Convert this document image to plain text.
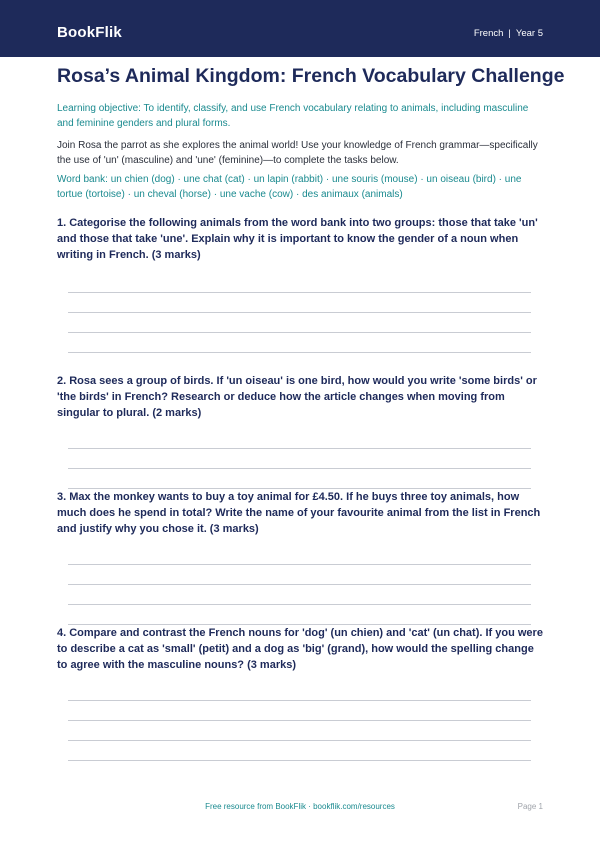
BookFlik	French | Year 5
Rosa’s Animal Kingdom: French Vocabulary Challenge
Learning objective: To identify, classify, and use French vocabulary relating to animals, including masculine and feminine genders and plural forms.
Join Rosa the parrot as she explores the animal world! Use your knowledge of French grammar—specifically the use of 'un' (masculine) and 'une' (feminine)—to complete the tasks below.
Word bank: un chien (dog) · une chat (cat) · un lapin (rabbit) · une souris (mouse) · un oiseau (bird) · une tortue (tortoise) · un cheval (horse) · une vache (cow) · des animaux (animals)
1. Categorise the following animals from the word bank into two groups: those that take 'un' and those that take 'une'. Explain why it is important to know the gender of a noun when writing in French. (3 marks)
2. Rosa sees a group of birds. If 'un oiseau' is one bird, how would you write 'some birds' or 'the birds' in French? Research or deduce how the article changes when moving from singular to plural. (2 marks)
3. Max the monkey wants to buy a toy animal for £4.50. If he buys three toy animals, how much does he spend in total? Write the name of your favourite animal from the list in French and justify why you chose it. (3 marks)
4. Compare and contrast the French nouns for 'dog' (un chien) and 'cat' (un chat). If you were to describe a cat as 'small' (petit) and a dog as 'big' (grand), how would the spelling change to agree with the masculine nouns? (3 marks)
Free resource from BookFlik · bookflik.com/resources	Page 1
